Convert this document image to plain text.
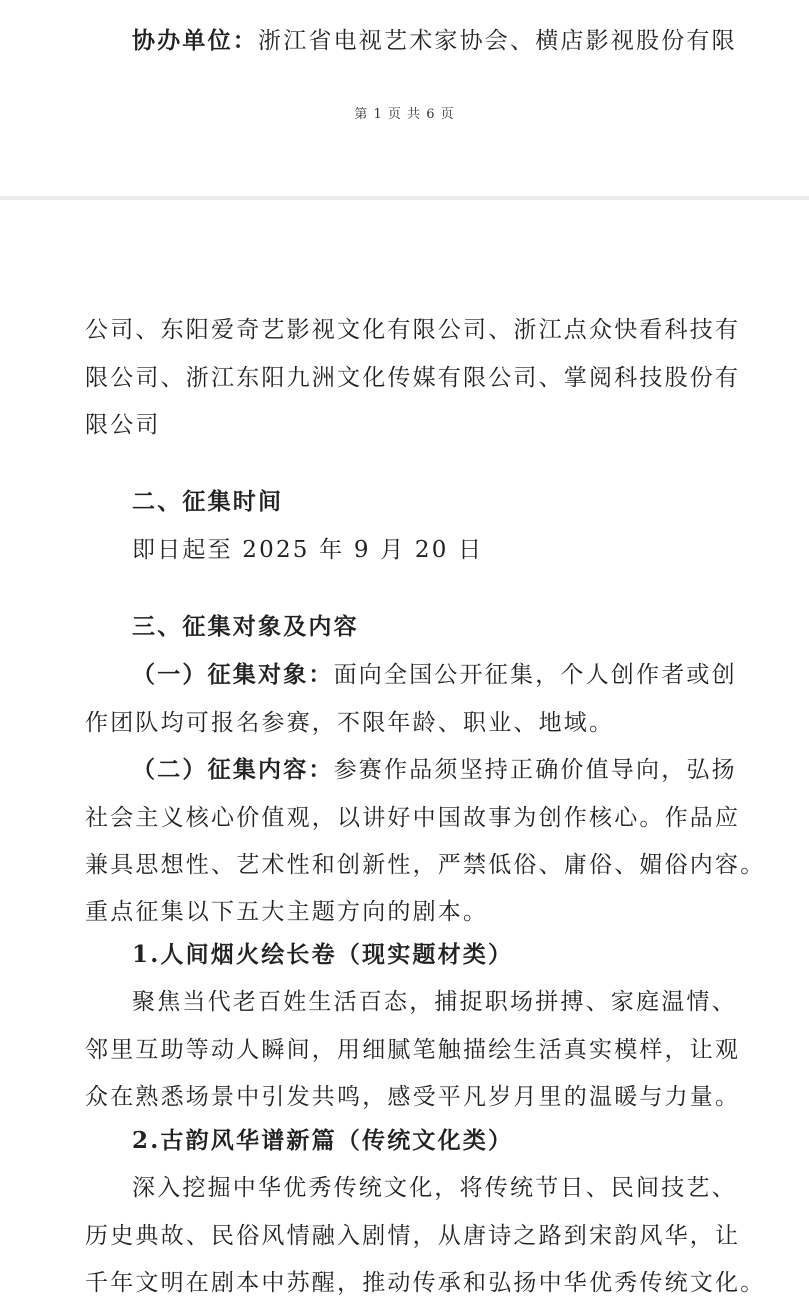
协办单位：浙江省电视艺术家协会、横店影视股份有限
第 1 页 共 6 页
公司、东阳爱奇艺影视文化有限公司、浙江点众快看科技有
限公司、浙江东阳九洲文化传媒有限公司、掌阅科技股份有
限公司
二、征集时间
即日起至 2025 年 9 月 20 日
三、征集对象及内容
（一）征集对象：面向全国公开征集，个人创作者或创
作团队均可报名参赛，不限年龄、职业、地域。
（二）征集内容：参赛作品须坚持正确价值导向，弘扬
社会主义核心价值观，以讲好中国故事为创作核心。作品应
兼具思想性、艺术性和创新性，严禁低俗、庸俗、媚俗内容。
重点征集以下五大主题方向的剧本。
1.人间烟火绘长卷（现实题材类）
聚焦当代老百姓生活百态，捕捉职场拼搏、家庭温情、
邻里互助等动人瞬间，用细腻笔触描绘生活真实模样，让观
众在熟悉场景中引发共鸣，感受平凡岁月里的温暖与力量。
2.古韵风华谱新篇（传统文化类）
深入挖掘中华优秀传统文化，将传统节日、民间技艺、
历史典故、民俗风情融入剧情，从唐诗之路到宋韵风华，让
千年文明在剧本中苏醒，推动传承和弘扬中华优秀传统文化。
